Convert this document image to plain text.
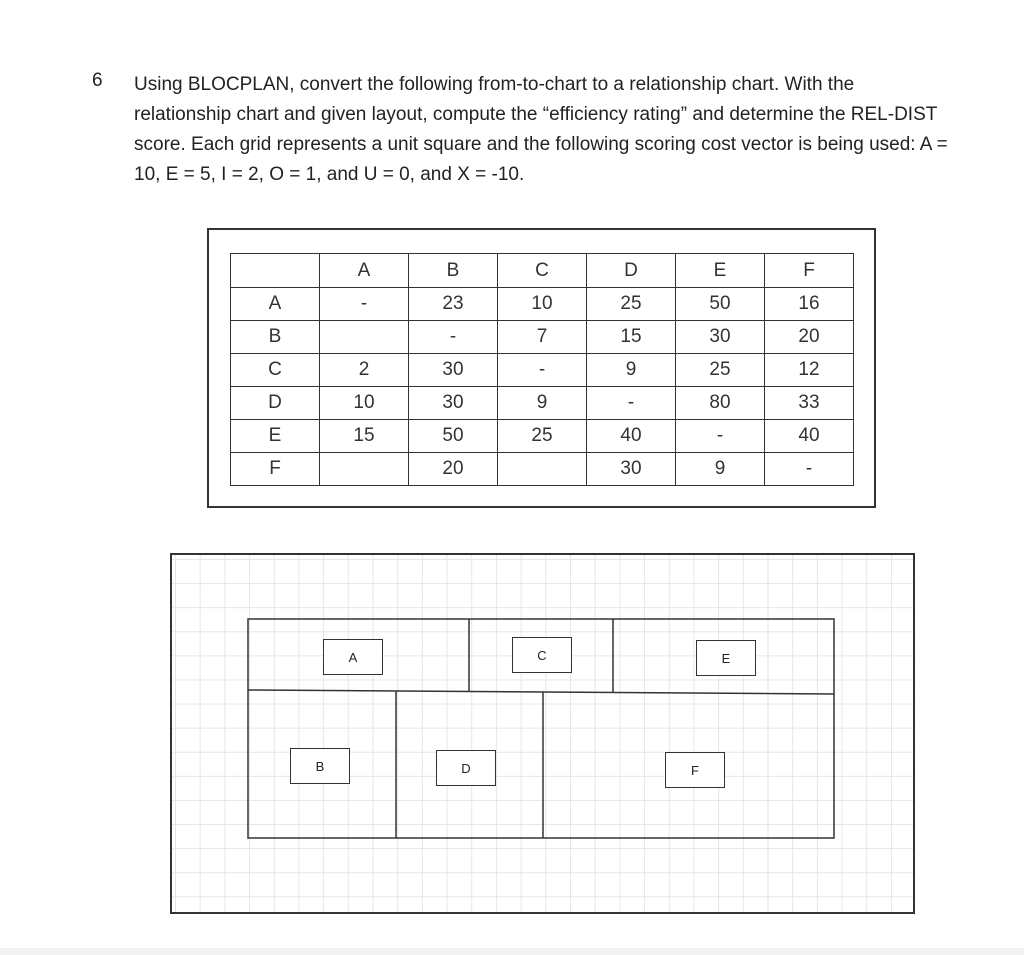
6 Using BLOCPLAN, convert the following from-to-chart to a relationship chart. With the

relationship chart and given layout, compute the “efficiency rating” and determine the REL-DIST

score. Each grid represents a unit square and the following scoring cost vector is being used: A =

10, E = 5, I = 2, O = 1, and U = 0, and X = -10.

	A	B	C	D	E	F
A	-	23	10	25	50	16
B		-	7	15	30	20
C	2	30	-	9	25	12
D	10	30	9	-	80	33
E	15	50	25	40	-	40
F		20		30	9	-
A	C	E
B	D	F
